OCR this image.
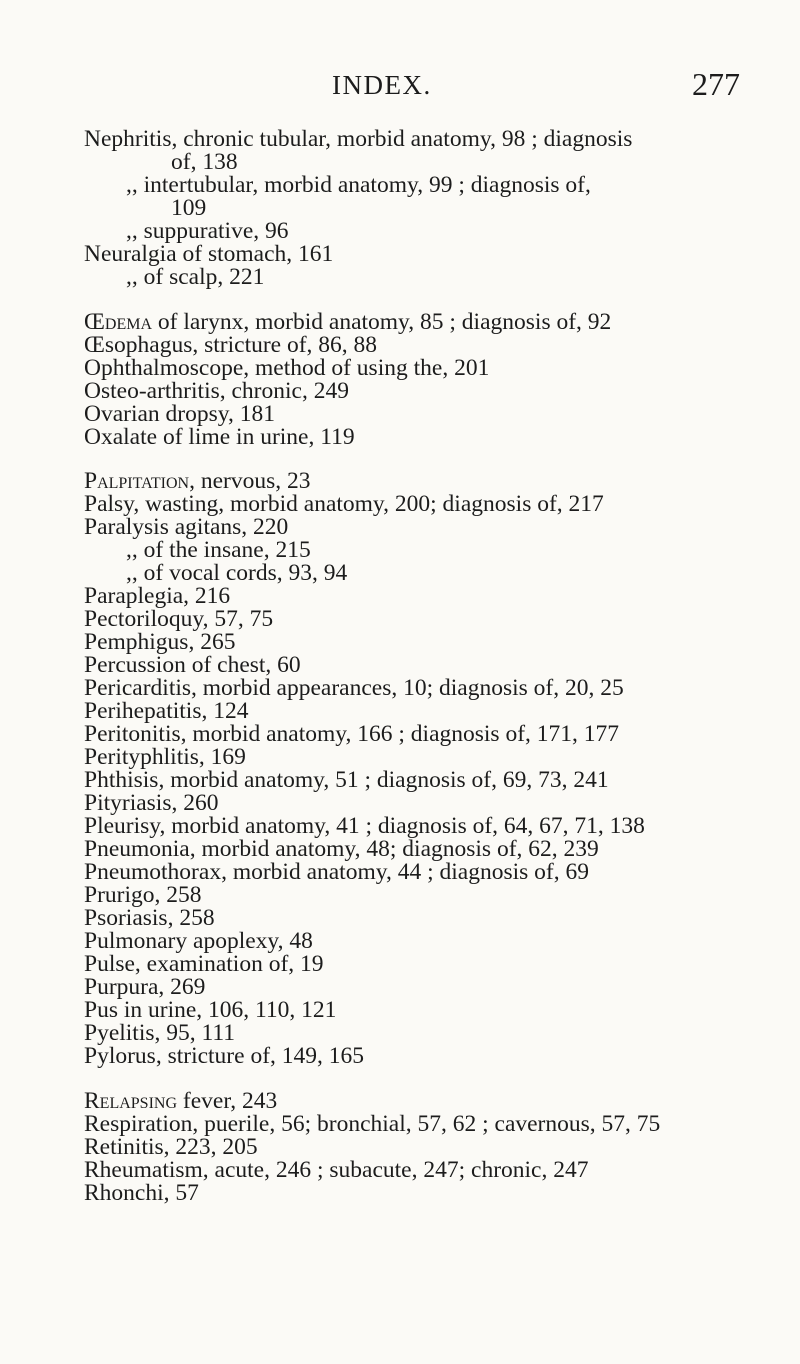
INDEX.	277
Nephritis, chronic tubular, morbid anatomy, 98 ; diagnosis
of, 138
,, intertubular, morbid anatomy, 99 ; diagnosis of,
109
,, suppurative, 96
Neuralgia of stomach, 161
,, of scalp, 221
Œdema of larynx, morbid anatomy, 85 ; diagnosis of, 92
Œsophagus, stricture of, 86, 88
Ophthalmoscope, method of using the, 201
Osteo-arthritis, chronic, 249
Ovarian dropsy, 181
Oxalate of lime in urine, 119
Palpitation, nervous, 23
Palsy, wasting, morbid anatomy, 200; diagnosis of, 217
Paralysis agitans, 220
,, of the insane, 215
,, of vocal cords, 93, 94
Paraplegia, 216
Pectoriloquy, 57, 75
Pemphigus, 265
Percussion of chest, 60
Pericarditis, morbid appearances, 10; diagnosis of, 20, 25
Perihepatitis, 124
Peritonitis, morbid anatomy, 166 ; diagnosis of, 171, 177
Perityphlitis, 169
Phthisis, morbid anatomy, 51 ; diagnosis of, 69, 73, 241
Pityriasis, 260
Pleurisy, morbid anatomy, 41 ; diagnosis of, 64, 67, 71, 138
Pneumonia, morbid anatomy, 48; diagnosis of, 62, 239
Pneumothorax, morbid anatomy, 44 ; diagnosis of, 69
Prurigo, 258
Psoriasis, 258
Pulmonary apoplexy, 48
Pulse, examination of, 19
Purpura, 269
Pus in urine, 106, 110, 121
Pyelitis, 95, 111
Pylorus, stricture of, 149, 165
Relapsing fever, 243
Respiration, puerile, 56; bronchial, 57, 62 ; cavernous, 57, 75
Retinitis, 223, 205
Rheumatism, acute, 246 ; subacute, 247; chronic, 247
Rhonchi, 57
